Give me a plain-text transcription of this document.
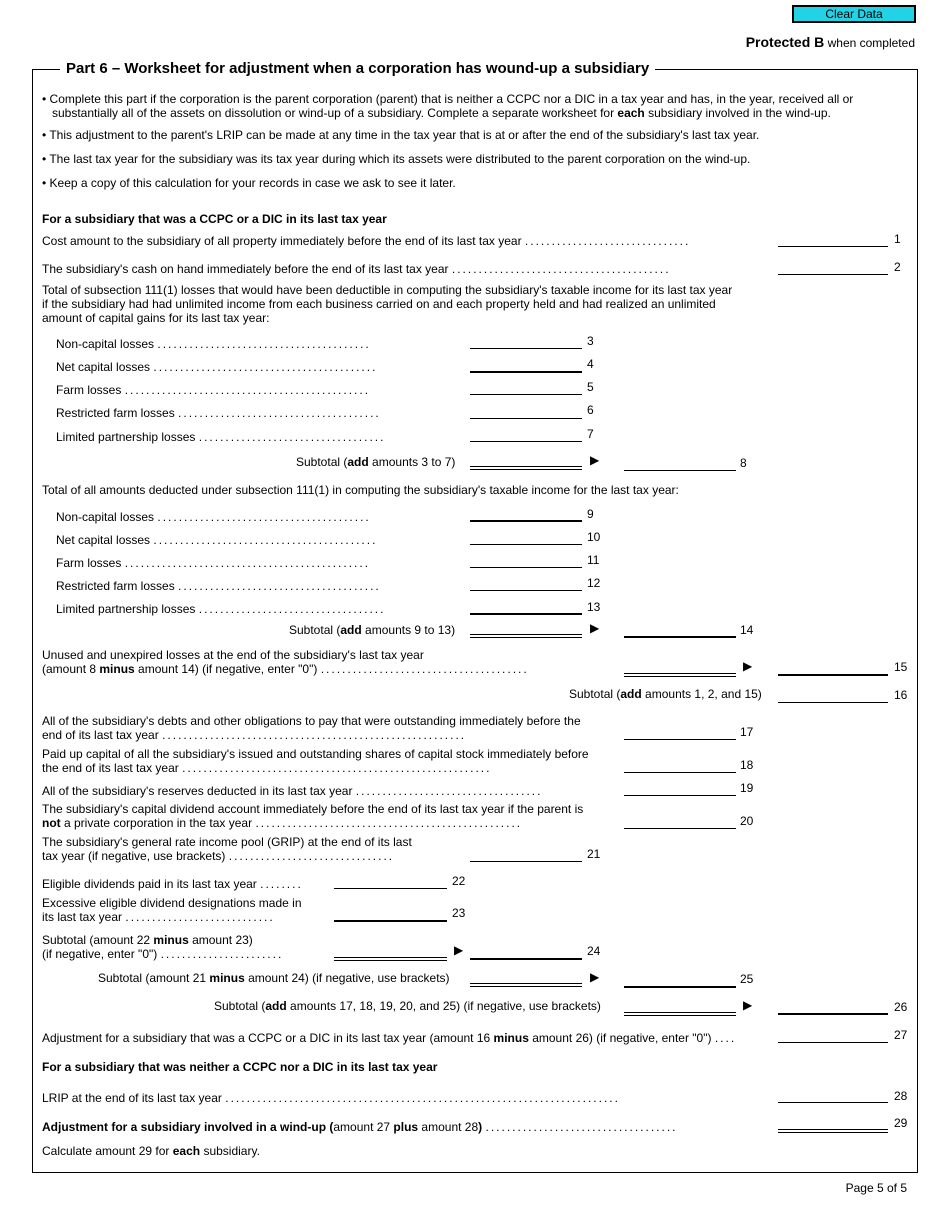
Clear Data
Protected B when completed
Part 6 – Worksheet for adjustment when a corporation has wound-up a subsidiary
• Complete this part if the corporation is the parent corporation (parent) that is neither a CCPC nor a DIC in a tax year and has, in the year, received all or substantially all of the assets on dissolution or wind-up of a subsidiary. Complete a separate worksheet for each subsidiary involved in the wind-up.
• This adjustment to the parent's LRIP can be made at any time in the tax year that is at or after the end of the subsidiary's last tax year.
• The last tax year for the subsidiary was its tax year during which its assets were distributed to the parent corporation on the wind-up.
• Keep a copy of this calculation for your records in case we ask to see it later.
For a subsidiary that was a CCPC or a DIC in its last tax year
Cost amount to the subsidiary of all property immediately before the end of its last tax year ...............................	1
The subsidiary's cash on hand immediately before the end of its last tax year .........................................	2
Total of subsection 111(1) losses that would have been deductible in computing the subsidiary's taxable income for its last tax year
if the subsidiary had had unlimited income from each business carried on and each property held and had realized an unlimited
amount of capital gains for its last tax year:
Non-capital losses ........................................	3
Net capital losses ..........................................	4
Farm losses ..............................................	5
Restricted farm losses ......................................	6
Limited partnership losses ...................................	7
Subtotal (add amounts 3 to 7)	▶	8
Total of all amounts deducted under subsection 111(1) in computing the subsidiary's taxable income for the last tax year:
Non-capital losses ........................................	9
Net capital losses ..........................................	10
Farm losses ..............................................	11
Restricted farm losses ......................................	12
Limited partnership losses ...................................	13
Subtotal (add amounts 9 to 13)	▶	14
Unused and unexpired losses at the end of the subsidiary's last tax year
(amount 8 minus amount 14) (if negative, enter "0") .......................................	▶	15
Subtotal (add amounts 1, 2, and 15)	16
All of the subsidiary's debts and other obligations to pay that were outstanding immediately before the
end of its last tax year .........................................................	17
Paid up capital of all the subsidiary's issued and outstanding shares of capital stock immediately before
the end of its last tax year ..........................................................	18
All of the subsidiary's reserves deducted in its last tax year ...................................	19
The subsidiary's capital dividend account immediately before the end of its last tax year if the parent is
not a private corporation in the tax year ..................................................	20
The subsidiary's general rate income pool (GRIP) at the end of its last
tax year (if negative, use brackets) ...............................	21
Eligible dividends paid in its last tax year ........	22
Excessive eligible dividend designations made in
its last tax year ............................	23
Subtotal (amount 22 minus amount 23)
(if negative, enter "0") .......................	▶	24
Subtotal (amount 21 minus amount 24) (if negative, use brackets)	▶	25
Subtotal (add amounts 17, 18, 19, 20, and 25) (if negative, use brackets)	▶	26
Adjustment for a subsidiary that was a CCPC or a DIC in its last tax year (amount 16 minus amount 26) (if negative, enter "0") ....	27
For a subsidiary that was neither a CCPC nor a DIC in its last tax year
LRIP at the end of its last tax year ..........................................................................	28
Adjustment for a subsidiary involved in a wind-up (amount 27 plus amount 28) ....................................	29
Calculate amount 29 for each subsidiary.
Page 5 of 5
